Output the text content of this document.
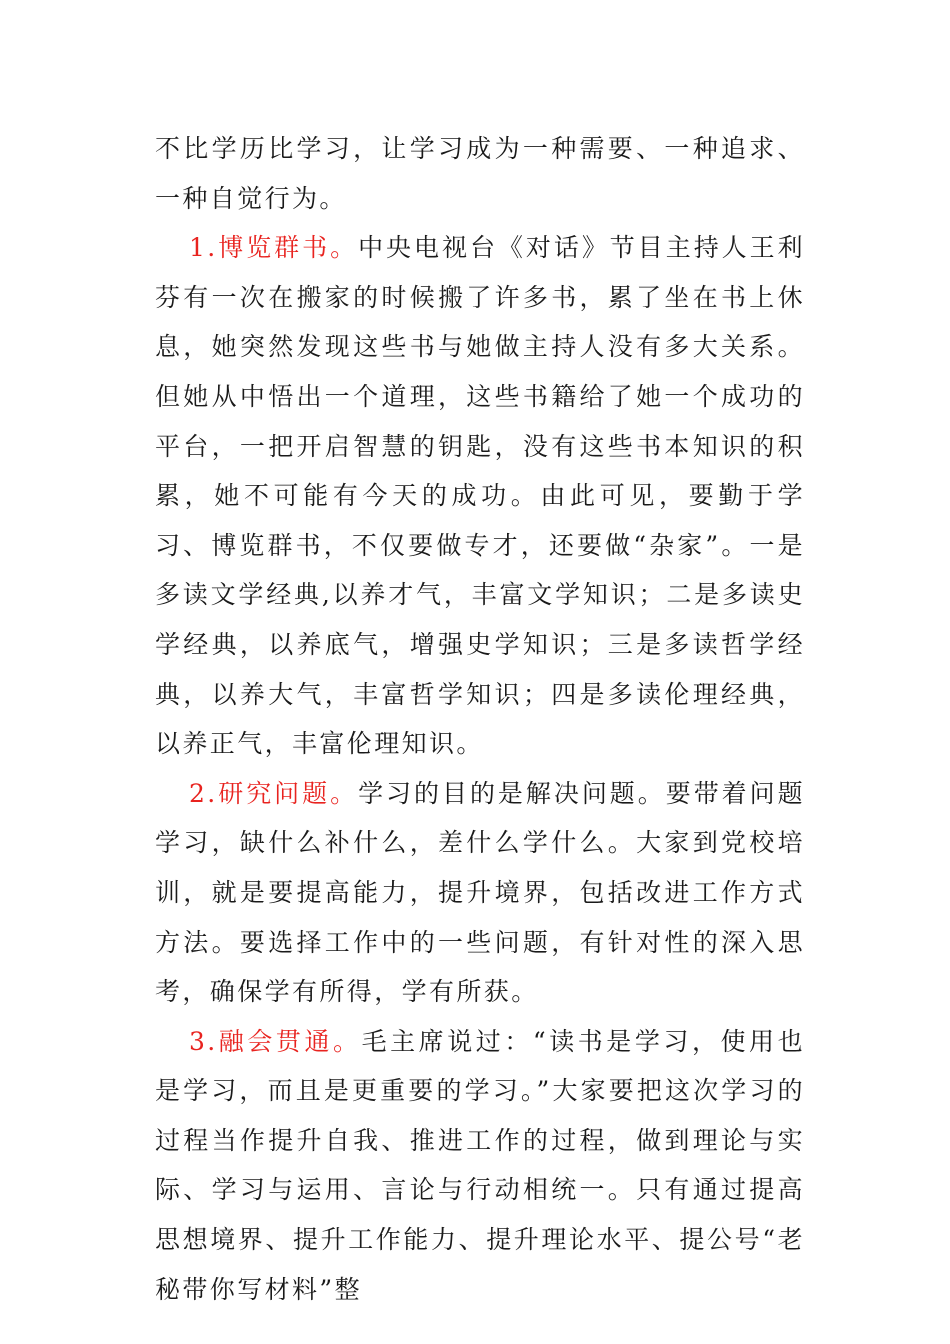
不比学历比学习，让学习成为一种需要、一种追求、一种自觉行为。

1.博览群书。中央电视台《对话》节目主持人王利芬有一次在搬家的时候搬了许多书，累了坐在书上休息，她突然发现这些书与她做主持人没有多大关系。但她从中悟出一个道理，这些书籍给了她一个成功的平台，一把开启智慧的钥匙，没有这些书本知识的积累，她不可能有今天的成功。由此可见，要勤于学习、博览群书，不仅要做专才，还要做“杂家”。一是多读文学经典,以养才气，丰富文学知识；二是多读史学经典，以养底气，增强史学知识；三是多读哲学经典，以养大气，丰富哲学知识；四是多读伦理经典，以养正气，丰富伦理知识。

2.研究问题。学习的目的是解决问题。要带着问题学习，缺什么补什么，差什么学什么。大家到党校培训，就是要提高能力，提升境界，包括改进工作方式方法。要选择工作中的一些问题，有针对性的深入思考，确保学有所得，学有所获。

3.融会贯通。毛主席说过：“读书是学习，使用也是学习，而且是更重要的学习。”大家要把这次学习的过程当作提升自我、推进工作的过程，做到理论与实际、学习与运用、言论与行动相统一。只有通过提高思想境界、提升工作能力、提升理论水平、提公号“老秘带你写材料”整
